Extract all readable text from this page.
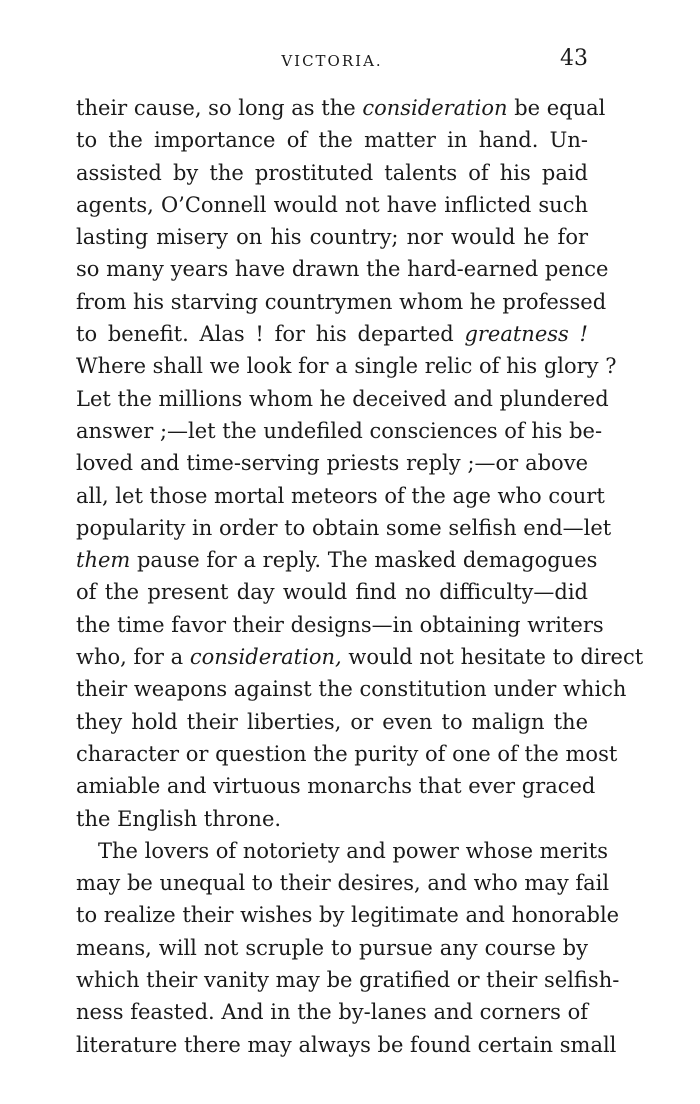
VICTORIA.	43
their cause, so long as the consideration be equal
to the importance of the matter in hand. Un-
assisted by the prostituted talents of his paid
agents, O’Connell would not have inflicted such
lasting misery on his country; nor would he for
so many years have drawn the hard-earned pence
from his starving countrymen whom he professed
to benefit. Alas ! for his departed greatness !
Where shall we look for a single relic of his glory ?
Let the millions whom he deceived and plundered
answer ;—let the undefiled consciences of his be-
loved and time-serving priests reply ;—or above
all, let those mortal meteors of the age who court
popularity in order to obtain some selfish end—let
them pause for a reply. The masked demagogues
of the present day would find no difficulty—did
the time favor their designs—in obtaining writers
who, for a consideration, would not hesitate to direct
their weapons against the constitution under which
they hold their liberties, or even to malign the
character or question the purity of one of the most
amiable and virtuous monarchs that ever graced
the English throne.
The lovers of notoriety and power whose merits
may be unequal to their desires, and who may fail
to realize their wishes by legitimate and honorable
means, will not scruple to pursue any course by
which their vanity may be gratified or their selfish-
ness feasted. And in the by-lanes and corners of
literature there may always be found certain small
